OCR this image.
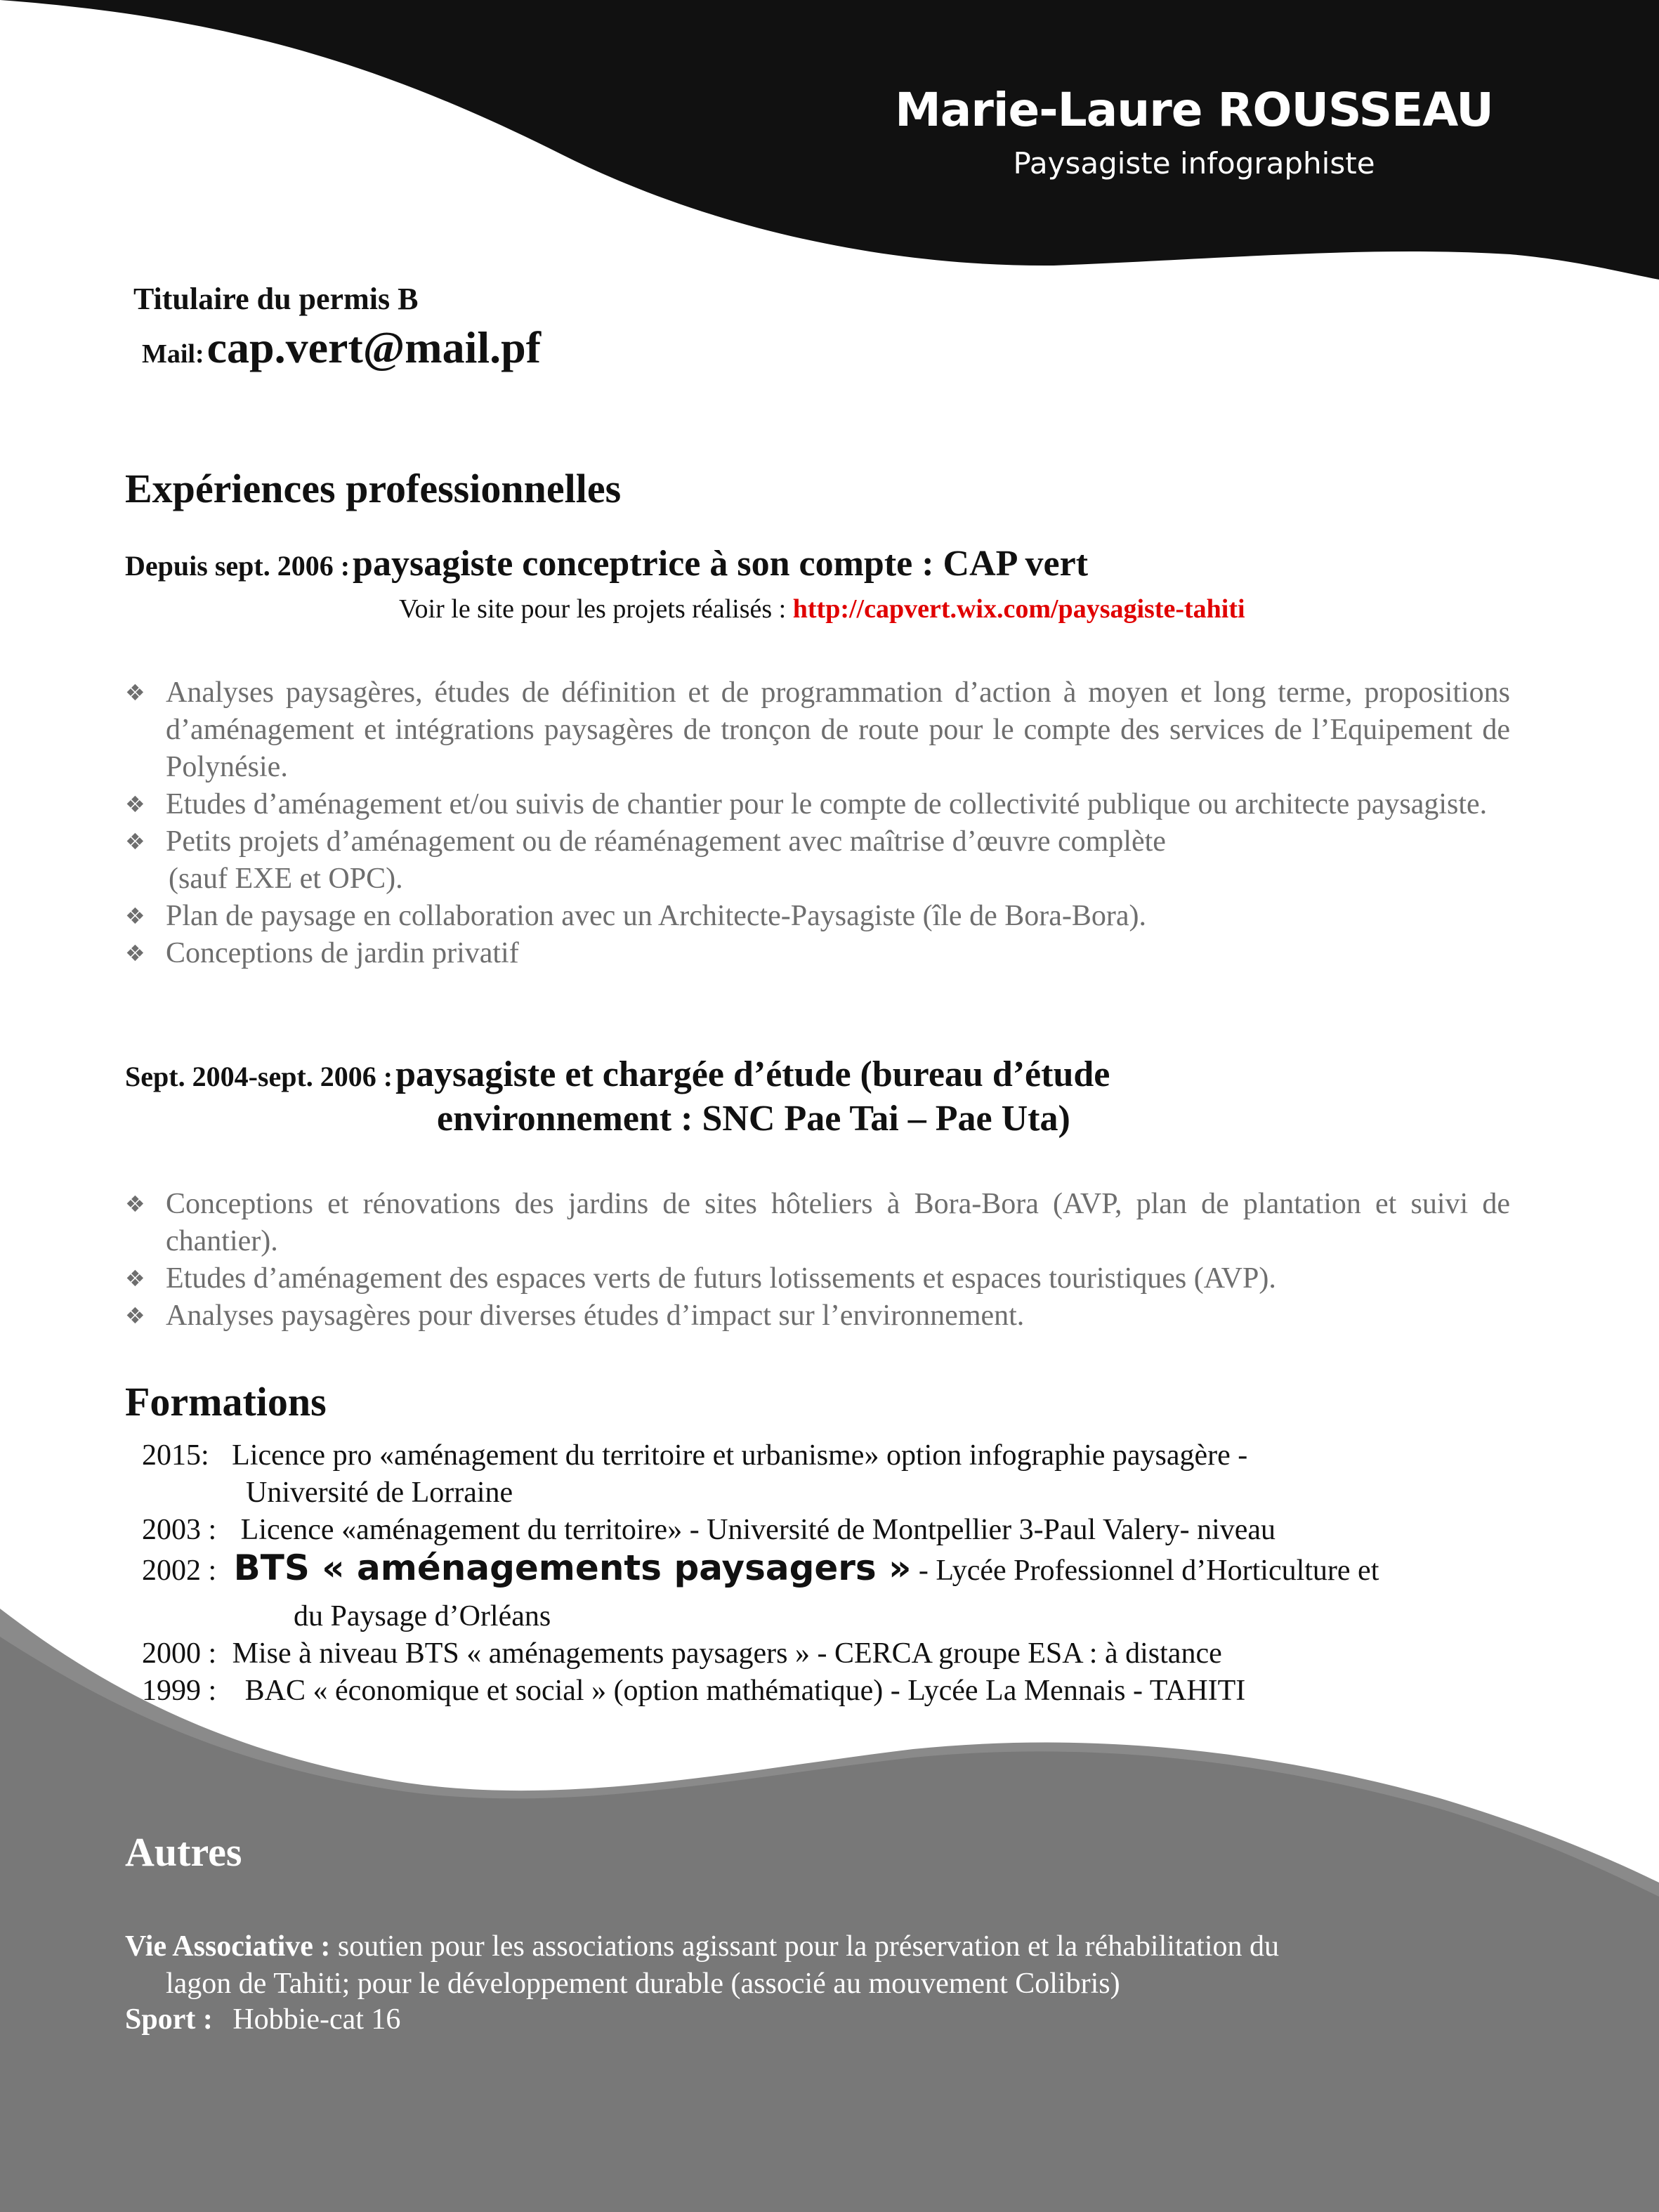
Marie-Laure ROUSSEAU
Paysagiste infographiste
Titulaire du permis B
Mail: cap.vert@mail.pf
Expériences professionnelles
Depuis sept. 2006 : paysagiste conceptrice à son compte : CAP vert
Voir le site pour les projets réalisés : http://capvert.wix.com/paysagiste-tahiti
❖ Analyses paysagères, études de définition et de programmation d’action à moyen et long terme, propositions d’aménagement et intégrations paysagères de tronçon de route pour le compte des services de l’Equipement de Polynésie.
❖ Etudes d’aménagement et/ou suivis de chantier pour le compte de collectivité publique ou architecte paysagiste.
❖ Petits projets d’aménagement ou de réaménagement avec maîtrise d’œuvre complète
(sauf EXE et OPC).
❖ Plan de paysage en collaboration avec un Architecte-Paysagiste (île de Bora-Bora).
❖ Conceptions de jardin privatif
Sept. 2004-sept. 2006 : paysagiste et chargée d’étude (bureau d’étude
environnement : SNC Pae Tai – Pae Uta)
❖ Conceptions et rénovations des jardins de sites hôteliers à Bora-Bora (AVP, plan de plantation et suivi de chantier).
❖ Etudes d’aménagement des espaces verts de futurs lotissements et espaces touristiques (AVP).
❖ Analyses paysagères pour diverses études d’impact sur l’environnement.
Formations
2015: Licence pro «aménagement du territoire et urbanisme» option infographie paysagère -
Université de Lorraine
2003 : Licence «aménagement du territoire» - Université de Montpellier 3-Paul Valery- niveau
2002 : BTS « aménagements paysagers » - Lycée Professionnel d’Horticulture et
du Paysage d’Orléans
2000 : Mise à niveau BTS « aménagements paysagers » - CERCA groupe ESA : à distance
1999 : BAC « économique et social » (option mathématique) - Lycée La Mennais - TAHITI
Autres
Vie Associative : soutien pour les associations agissant pour la préservation et la réhabilitation du
lagon de Tahiti; pour le développement durable (associé au mouvement Colibris)
Sport : Hobbie-cat 16
